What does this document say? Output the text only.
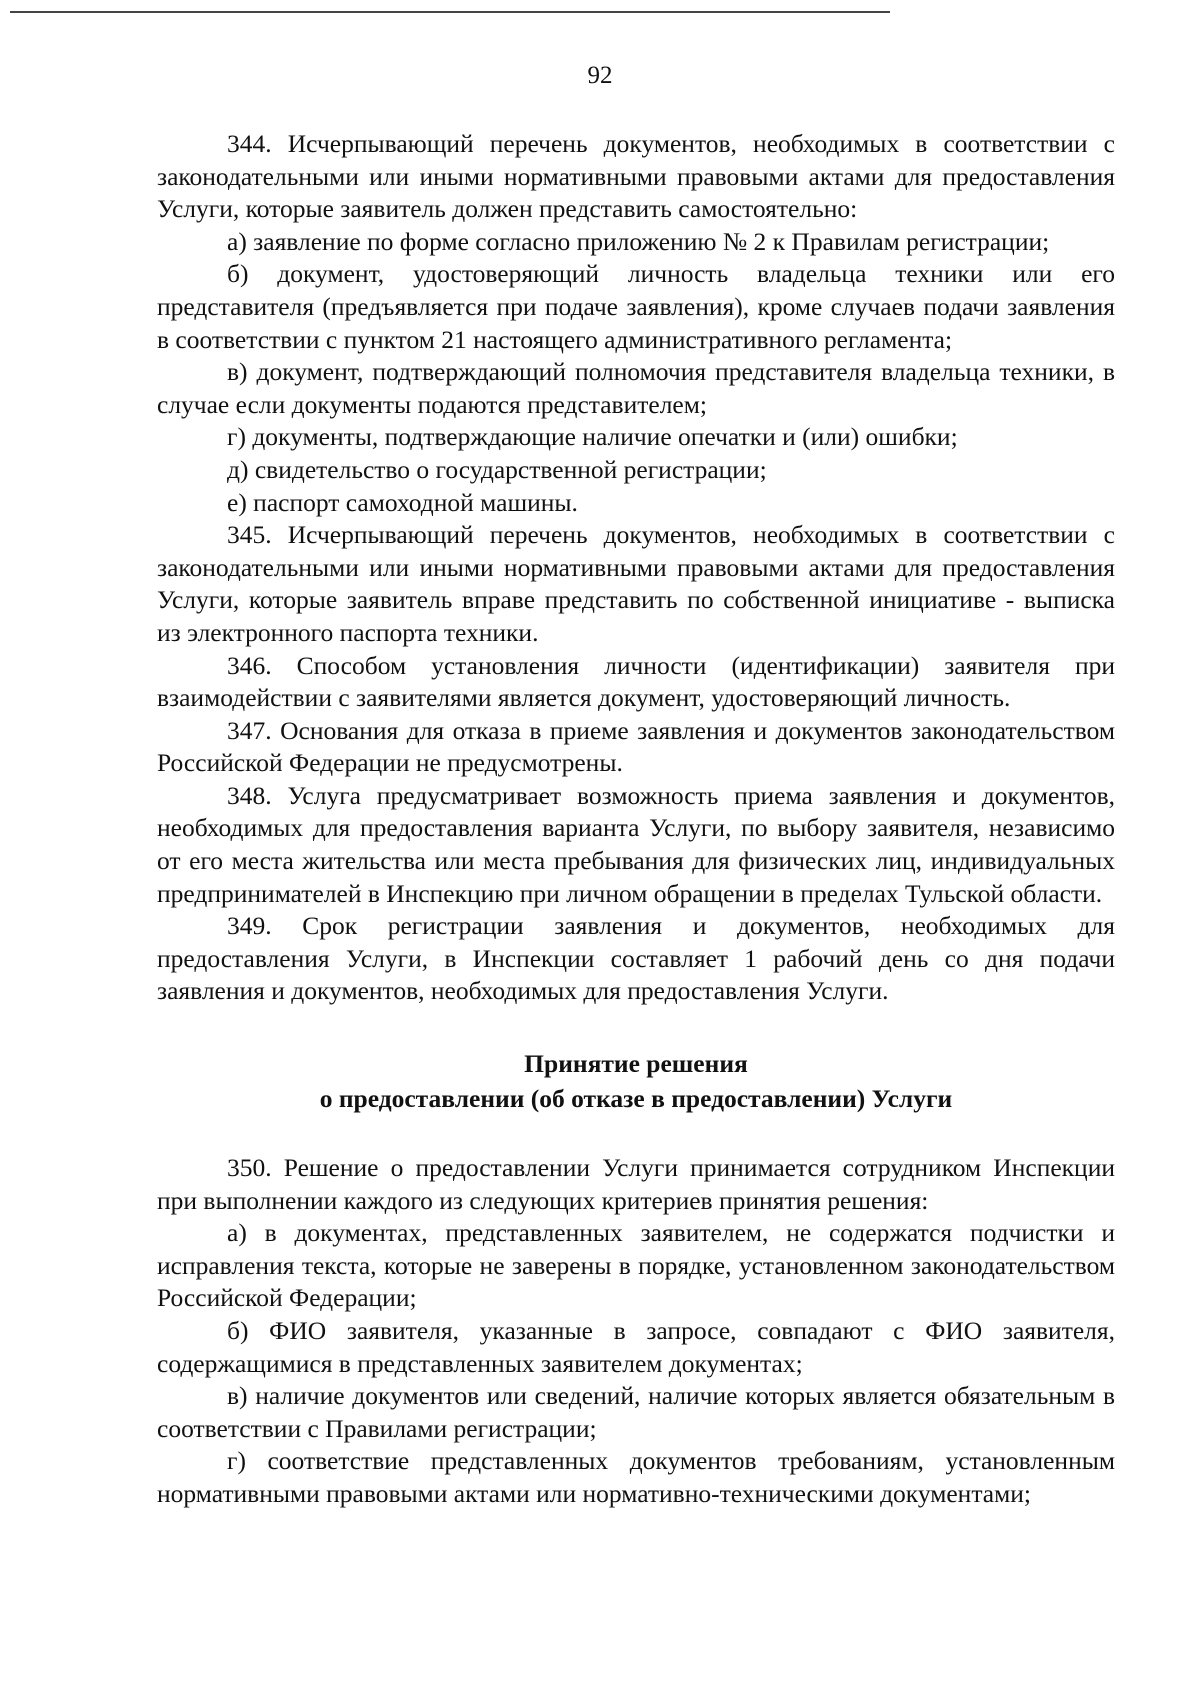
92

344. Исчерпывающий перечень документов, необходимых в соответствии с законодательными или иными нормативными правовыми актами для предоставления Услуги, которые заявитель должен представить самостоятельно:

а) заявление по форме согласно приложению № 2 к Правилам регистрации;

б) документ, удостоверяющий личность владельца техники или его представителя (предъявляется при подаче заявления), кроме случаев подачи заявления в соответствии с пунктом 21 настоящего административного регламента;

в) документ, подтверждающий полномочия представителя владельца техники, в случае если документы подаются представителем;

г) документы, подтверждающие наличие опечатки и (или) ошибки;

д) свидетельство о государственной регистрации;

е) паспорт самоходной машины.

345. Исчерпывающий перечень документов, необходимых в соответствии с законодательными или иными нормативными правовыми актами для предоставления Услуги, которые заявитель вправе представить по собственной инициативе - выписка из электронного паспорта техники.

346. Способом установления личности (идентификации) заявителя при взаимодействии с заявителями является документ, удостоверяющий личность.

347. Основания для отказа в приеме заявления и документов законодательством Российской Федерации не предусмотрены.

348. Услуга предусматривает возможность приема заявления и документов, необходимых для предоставления варианта Услуги, по выбору заявителя, независимо от его места жительства или места пребывания для физических лиц, индивидуальных предпринимателей в Инспекцию при личном обращении в пределах Тульской области.

349. Срок регистрации заявления и документов, необходимых для предоставления Услуги, в Инспекции составляет 1 рабочий день со дня подачи заявления и документов, необходимых для предоставления Услуги.

Принятие решения
о предоставлении (об отказе в предоставлении) Услуги

350. Решение о предоставлении Услуги принимается сотрудником Инспекции при выполнении каждого из следующих критериев принятия решения:

а) в документах, представленных заявителем, не содержатся подчистки и исправления текста, которые не заверены в порядке, установленном законодательством Российской Федерации;

б) ФИО заявителя, указанные в запросе, совпадают с ФИО заявителя, содержащимися в представленных заявителем документах;

в) наличие документов или сведений, наличие которых является обязательным в соответствии с Правилами регистрации;

г) соответствие представленных документов требованиям, установленным нормативными правовыми актами или нормативно-техническими документами;
